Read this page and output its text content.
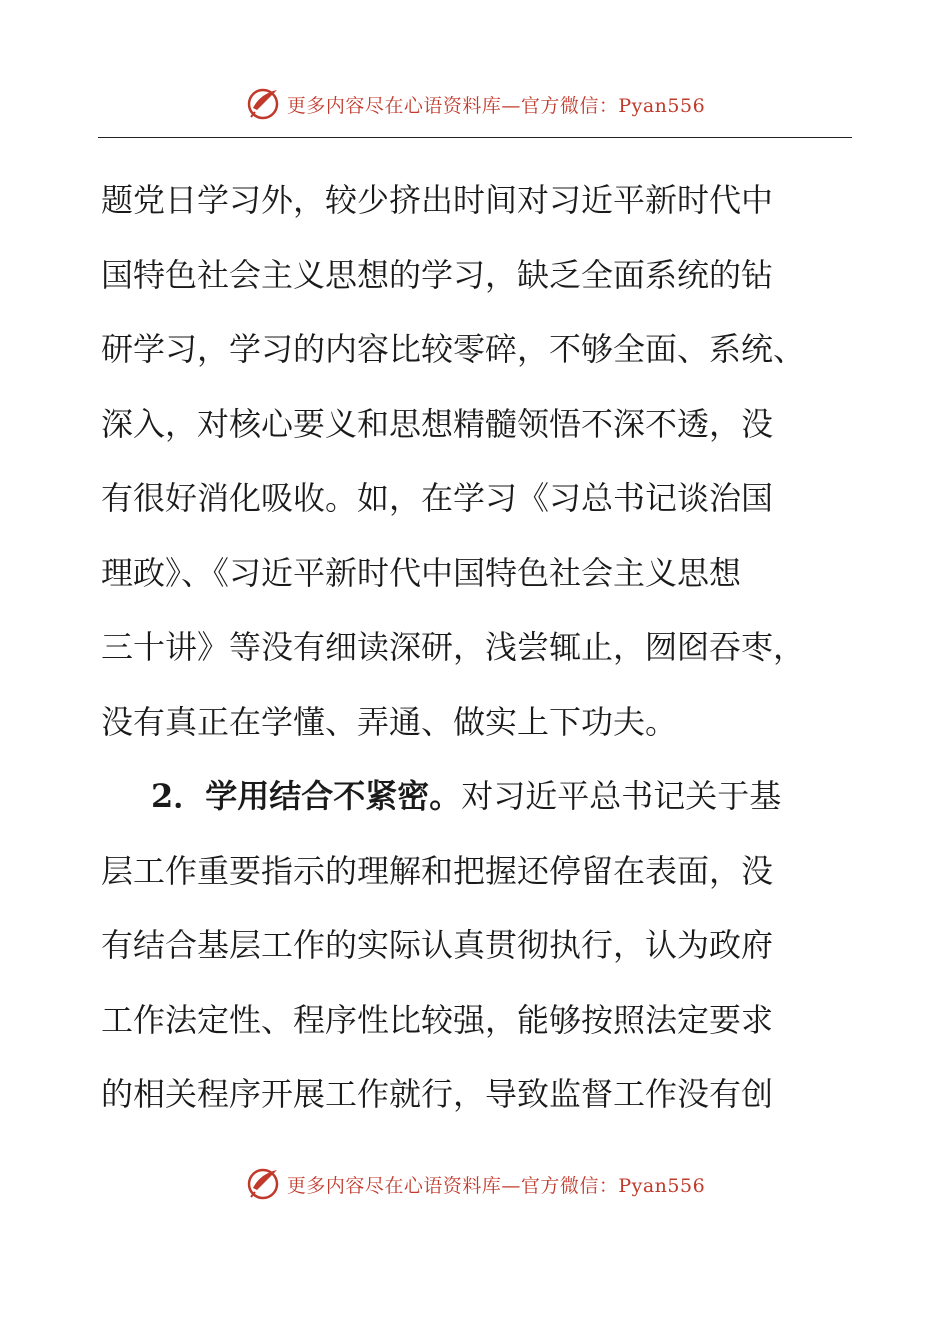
更多内容尽在心语资料库—官方微信：Pyan556
题党日学习外，较少挤出时间对习近平新时代中
国特色社会主义思想的学习，缺乏全面系统的钻
研学习，学习的内容比较零碎，不够全面、系统、
深入，对核心要义和思想精髓领悟不深不透，没
有很好消化吸收。如，在学习《习总书记谈治国
理政》、《习近平新时代中国特色社会主义思想
三十讲》等没有细读深研，浅尝辄止，囫囵吞枣，
没有真正在学懂、弄通、做实上下功夫。
2．学用结合不紧密。对习近平总书记关于基
层工作重要指示的理解和把握还停留在表面，没
有结合基层工作的实际认真贯彻执行，认为政府
工作法定性、程序性比较强，能够按照法定要求
的相关程序开展工作就行，导致监督工作没有创
更多内容尽在心语资料库—官方微信：Pyan556
